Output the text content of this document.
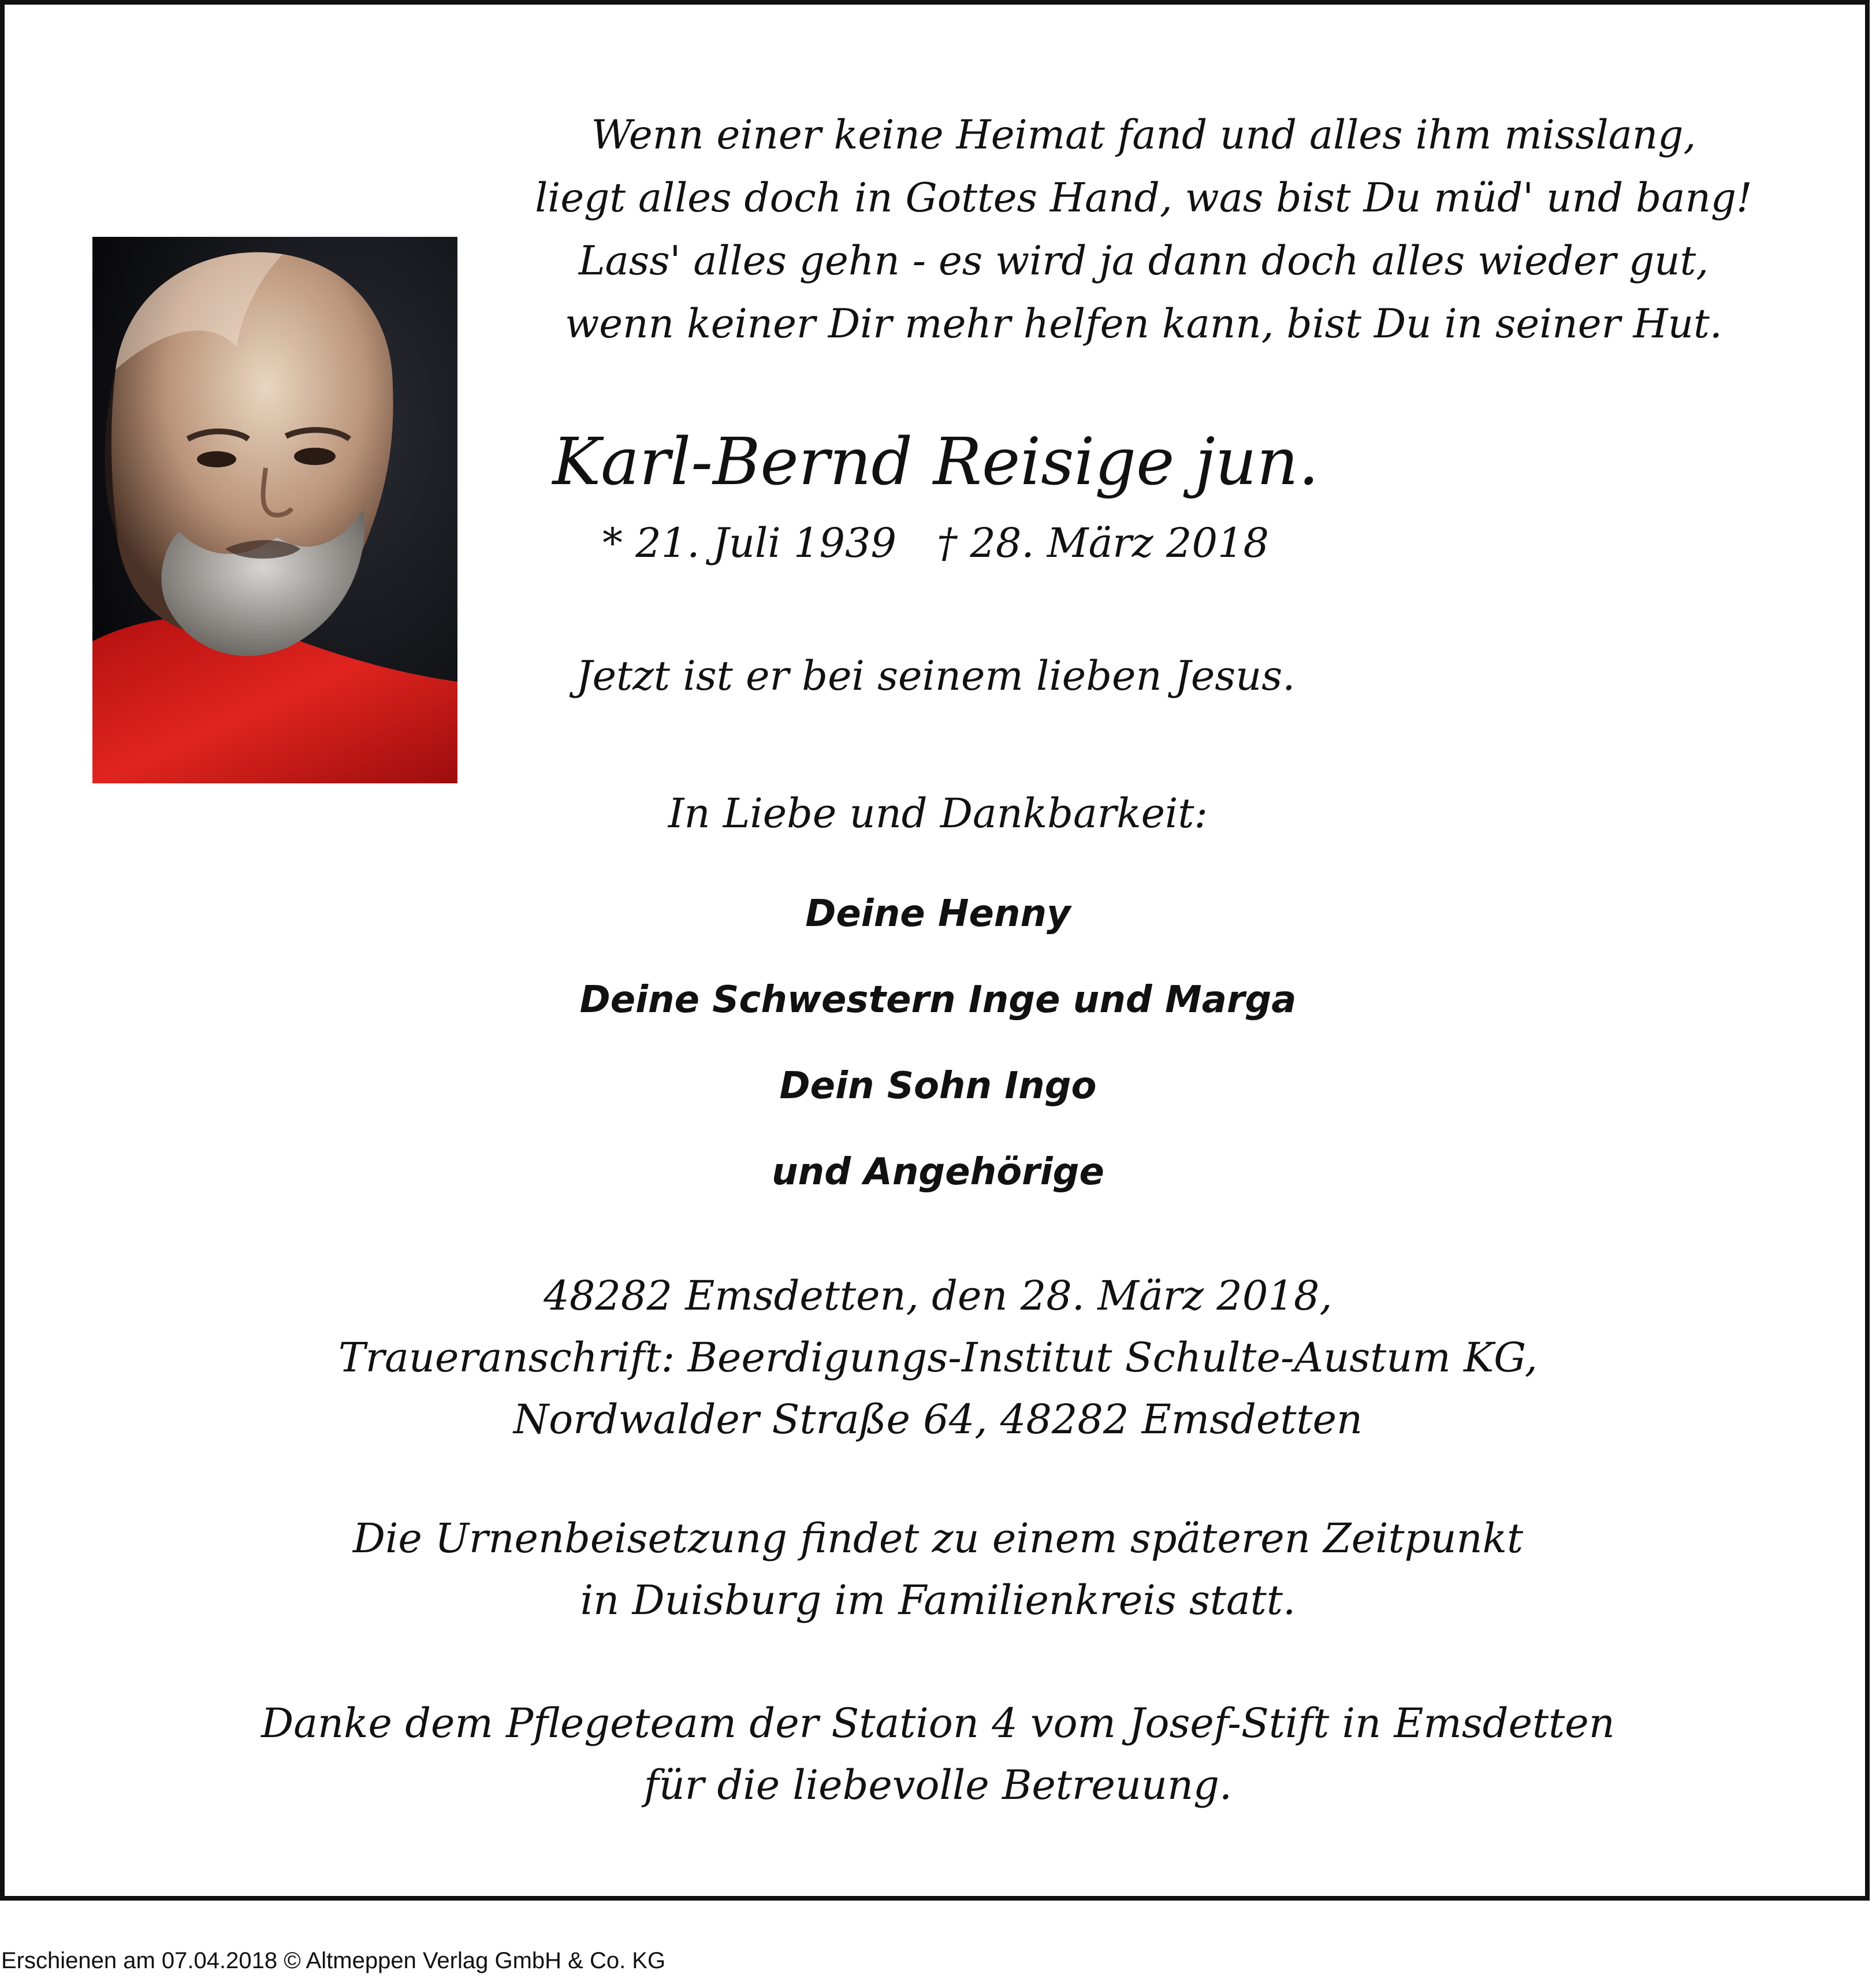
Wenn einer keine Heimat fand und alles ihm misslang,
liegt alles doch in Gottes Hand, was bist Du müd' und bang!
Lass' alles gehn - es wird ja dann doch alles wieder gut,
wenn keiner Dir mehr helfen kann, bist Du in seiner Hut.
Karl-Bernd Reisige jun.
* 21. Juli 1939 † 28. März 2018
Jetzt ist er bei seinem lieben Jesus.
In Liebe und Dankbarkeit:
Deine Henny
Deine Schwestern Inge und Marga
Dein Sohn Ingo
und Angehörige
48282 Emsdetten, den 28. März 2018,
Traueranschrift: Beerdigungs-Institut Schulte-Austum KG,
Nordwalder Straße 64, 48282 Emsdetten
Die Urnenbeisetzung findet zu einem späteren Zeitpunkt
in Duisburg im Familienkreis statt.
Danke dem Pflegeteam der Station 4 vom Josef-Stift in Emsdetten
für die liebevolle Betreuung.
Erschienen am 07.04.2018 © Altmeppen Verlag GmbH & Co. KG
